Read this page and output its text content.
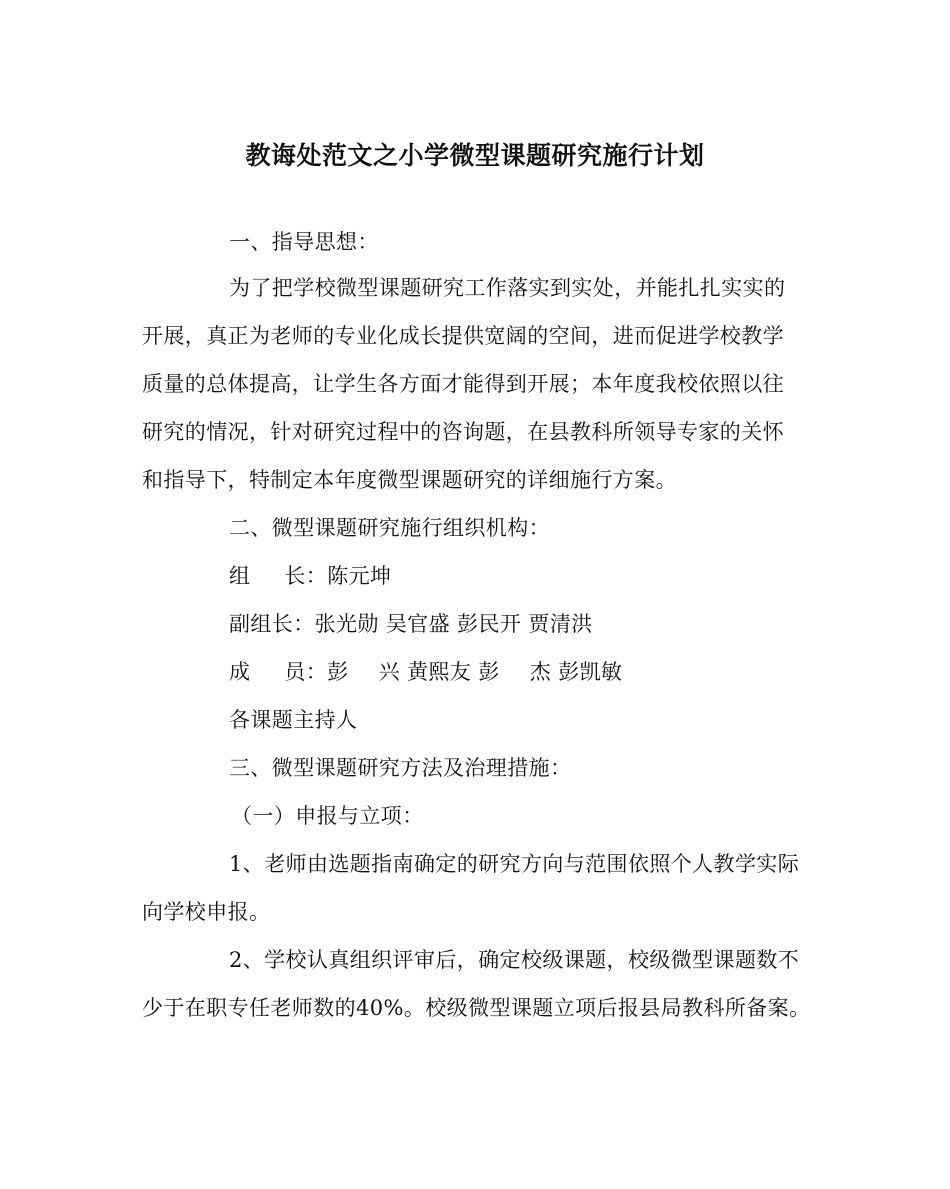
教诲处范文之小学微型课题研究施行计划
一、指导思想：
为了把学校微型课题研究工作落实到实处，并能扎扎实实的
开展，真正为老师的专业化成长提供宽阔的空间，进而促进学校教学
质量的总体提高，让学生各方面才能得到开展；本年度我校依照以往
研究的情况，针对研究过程中的咨询题，在县教科所领导专家的关怀
和指导下，特制定本年度微型课题研究的详细施行方案。
二、微型课题研究施行组织机构：
组 长：陈元坤
副组长：张光勋 吴官盛 彭民开 贾清洪
成 员：彭 兴 黄熙友 彭 杰 彭凯敏
各课题主持人
三、微型课题研究方法及治理措施：
（一）申报与立项：
1、老师由选题指南确定的研究方向与范围依照个人教学实际
向学校申报。
2、学校认真组织评审后，确定校级课题，校级微型课题数不
少于在职专任老师数的40%。校级微型课题立项后报县局教科所备案。
